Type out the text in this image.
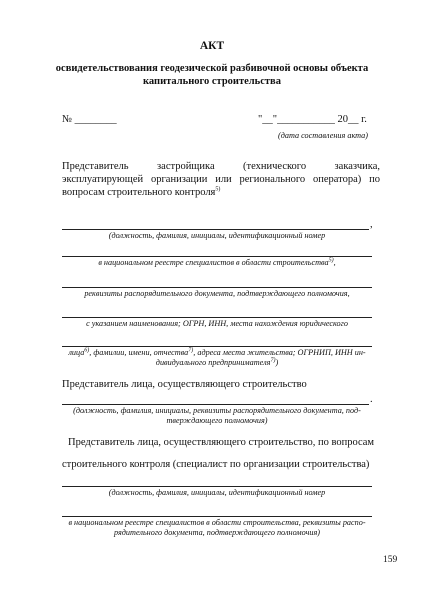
АКТ
освидетельствования геодезической разбивочной основы объекта капитального строительства
№ ________	"__"___________ 20__ г.
(дата составления акта)
Представитель застройщика (технического заказчика, эксплуатирующей организации или регионального оператора) по вопросам строительного контроля$^{5)}$
,
(должность, фамилия, инициалы, идентификационный номер
в национальном реестре специалистов в области строительства$^{5)}$,
реквизиты распорядительного документа, подтверждающего полномочия,
с указанием наименования; ОГРН, ИНН, места нахождения юридического
лица$^{6)}$, фамилии, имени, отчества$^{7)}$, адреса места жительства; ОГРНИП, ИНН ин-
дивидуального предпринимателя$^{7)}$)
Представитель лица, осуществляющего строительство
.
(должность, фамилия, инициалы, реквизиты распорядительного документа, под-
тверждающего полномочия)
Представитель лица, осуществляющего строительство, по вопросам
строительного контроля (специалист по организации строительства)
(должность, фамилия, инициалы, идентификационный номер
в национальном реестре специалистов в области строительства, реквизиты распо-
рядительного документа, подтверждающего полномочия)
159
